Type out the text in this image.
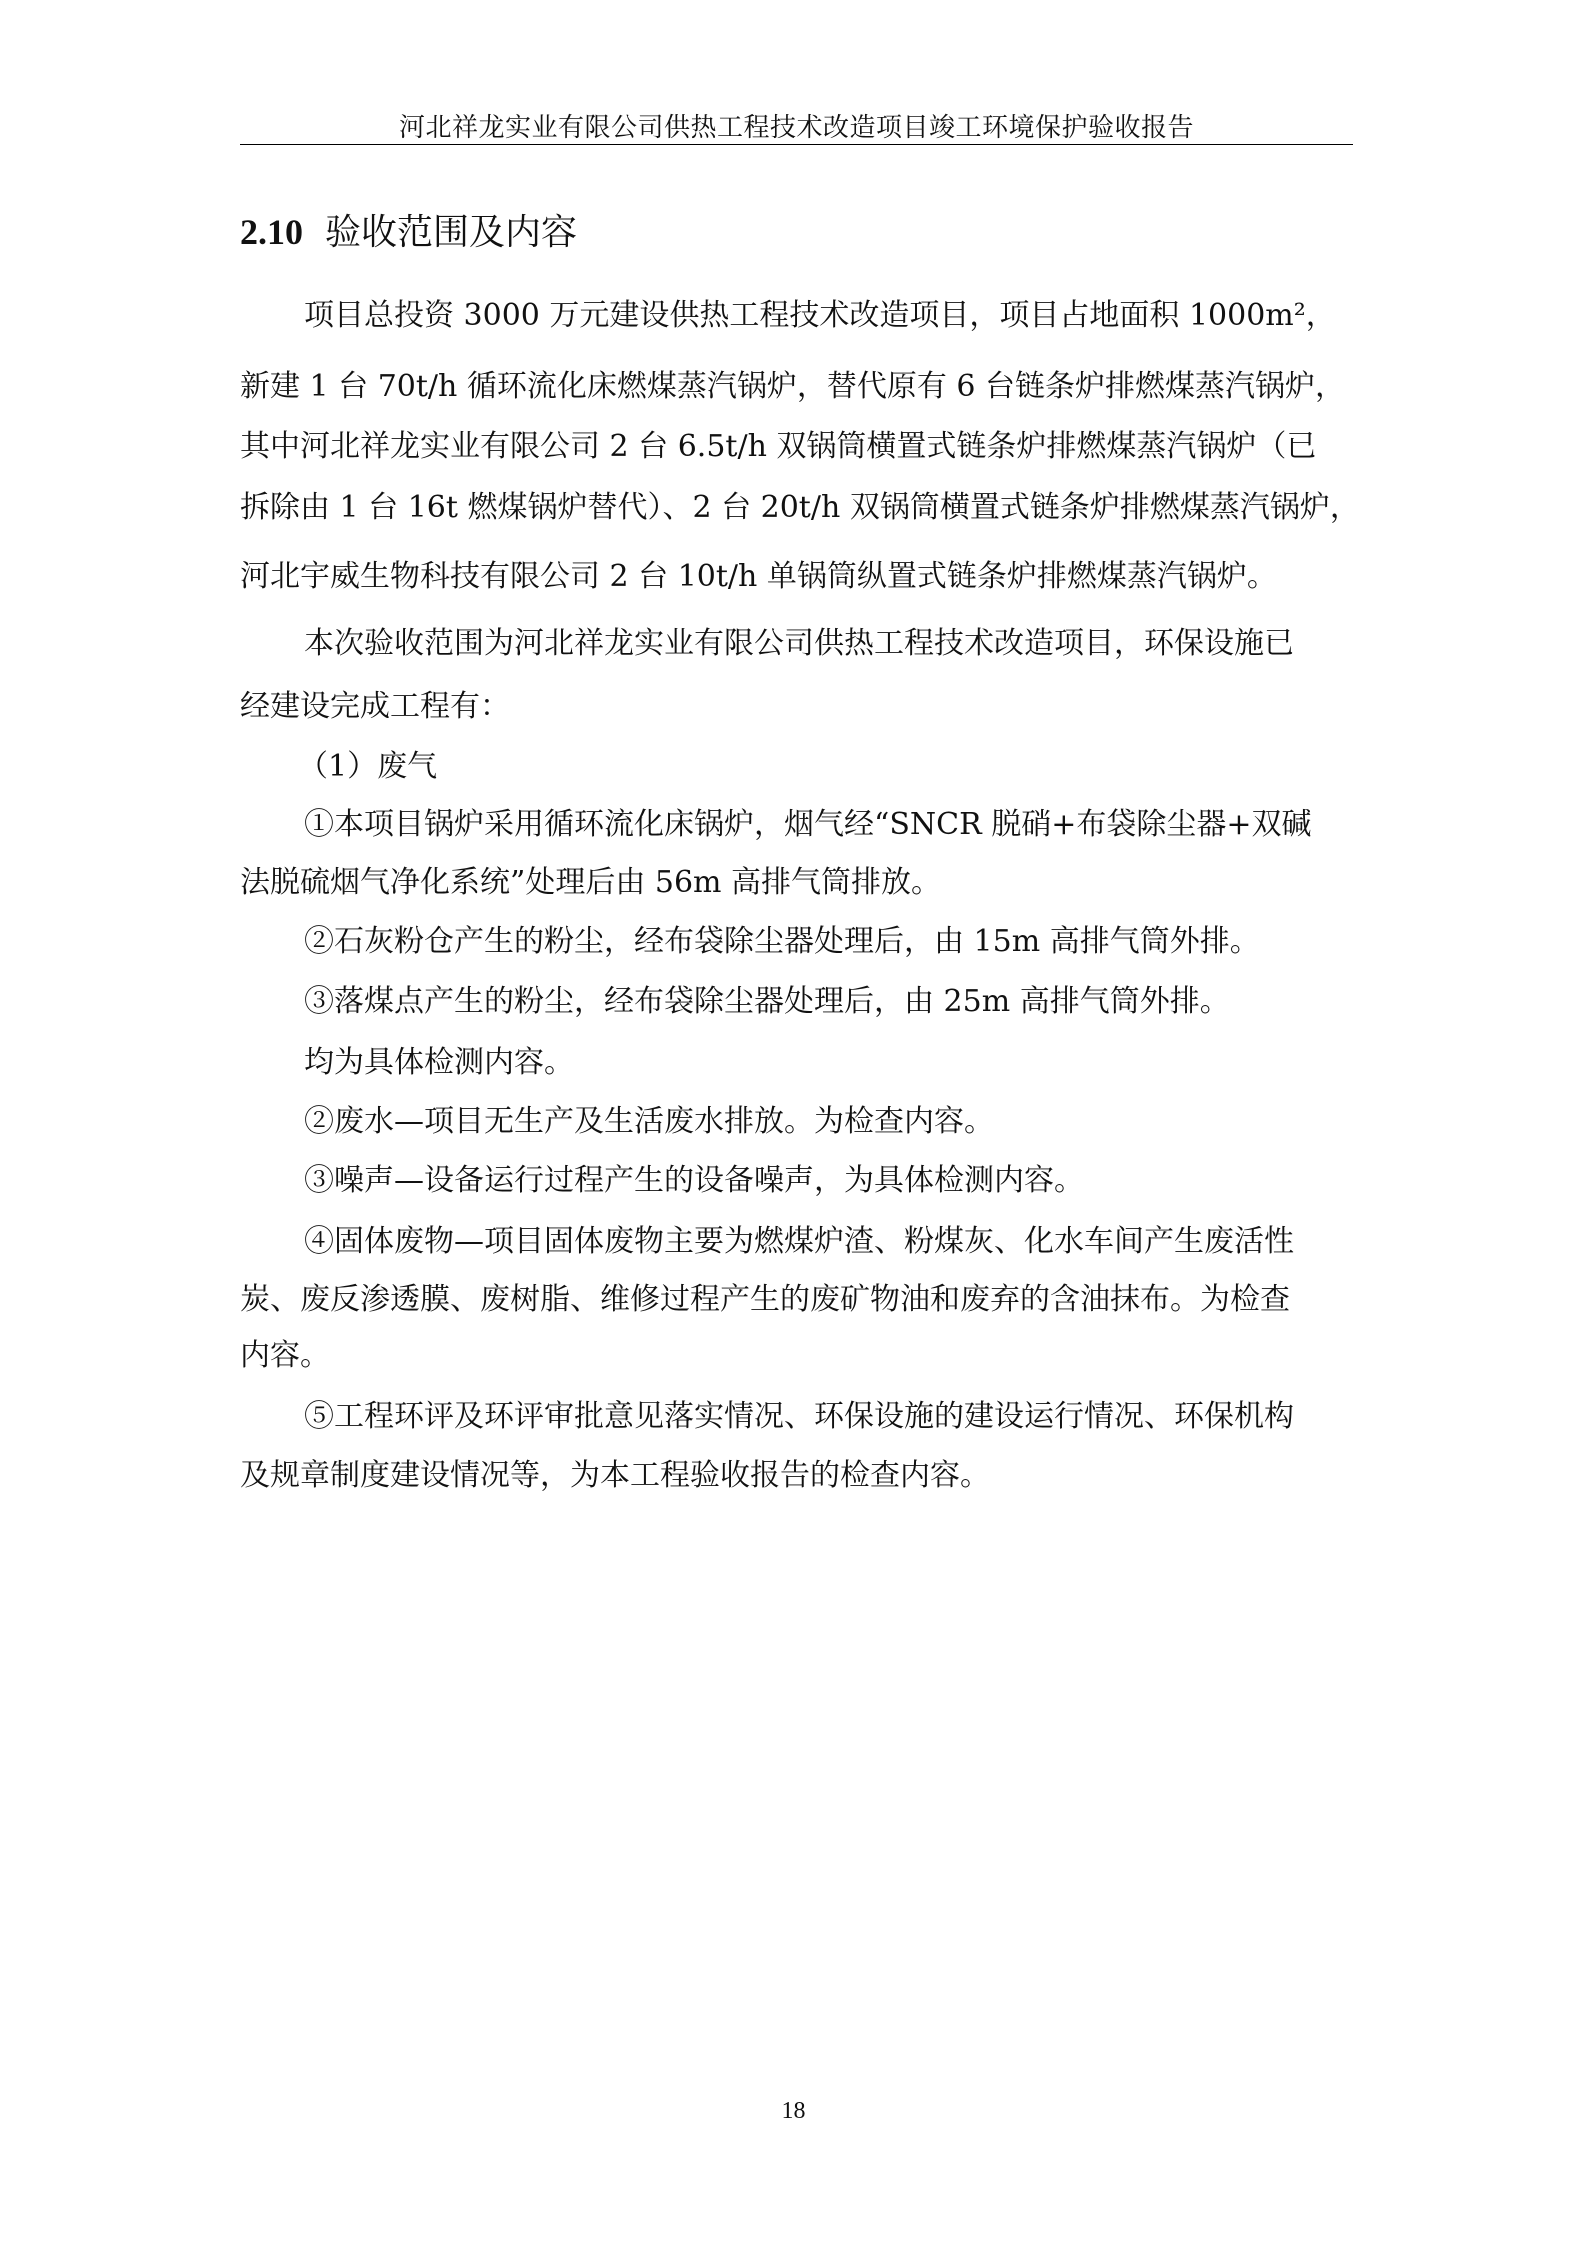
河北祥龙实业有限公司供热工程技术改造项目竣工环境保护验收报告
2.10 验收范围及内容
项目总投资 3000 万元建设供热工程技术改造项目，项目占地面积 1000m²，
新建 1 台 70t/h 循环流化床燃煤蒸汽锅炉，替代原有 6 台链条炉排燃煤蒸汽锅炉，
其中河北祥龙实业有限公司 2 台 6.5t/h 双锅筒横置式链条炉排燃煤蒸汽锅炉（已
拆除由 1 台 16t 燃煤锅炉替代）、2 台 20t/h 双锅筒横置式链条炉排燃煤蒸汽锅炉，
河北宇威生物科技有限公司 2 台 10t/h 单锅筒纵置式链条炉排燃煤蒸汽锅炉。
本次验收范围为河北祥龙实业有限公司供热工程技术改造项目，环保设施已
经建设完成工程有：
（1）废气
①本项目锅炉采用循环流化床锅炉，烟气经“SNCR 脱硝+布袋除尘器+双碱
法脱硫烟气净化系统”处理后由 56m 高排气筒排放。
②石灰粉仓产生的粉尘，经布袋除尘器处理后，由 15m 高排气筒外排。
③落煤点产生的粉尘，经布袋除尘器处理后，由 25m 高排气筒外排。
均为具体检测内容。
②废水—项目无生产及生活废水排放。为检查内容。
③噪声—设备运行过程产生的设备噪声，为具体检测内容。
④固体废物—项目固体废物主要为燃煤炉渣、粉煤灰、化水车间产生废活性
炭、废反渗透膜、废树脂、维修过程产生的废矿物油和废弃的含油抹布。为检查
内容。
⑤工程环评及环评审批意见落实情况、环保设施的建设运行情况、环保机构
及规章制度建设情况等，为本工程验收报告的检查内容。
18
